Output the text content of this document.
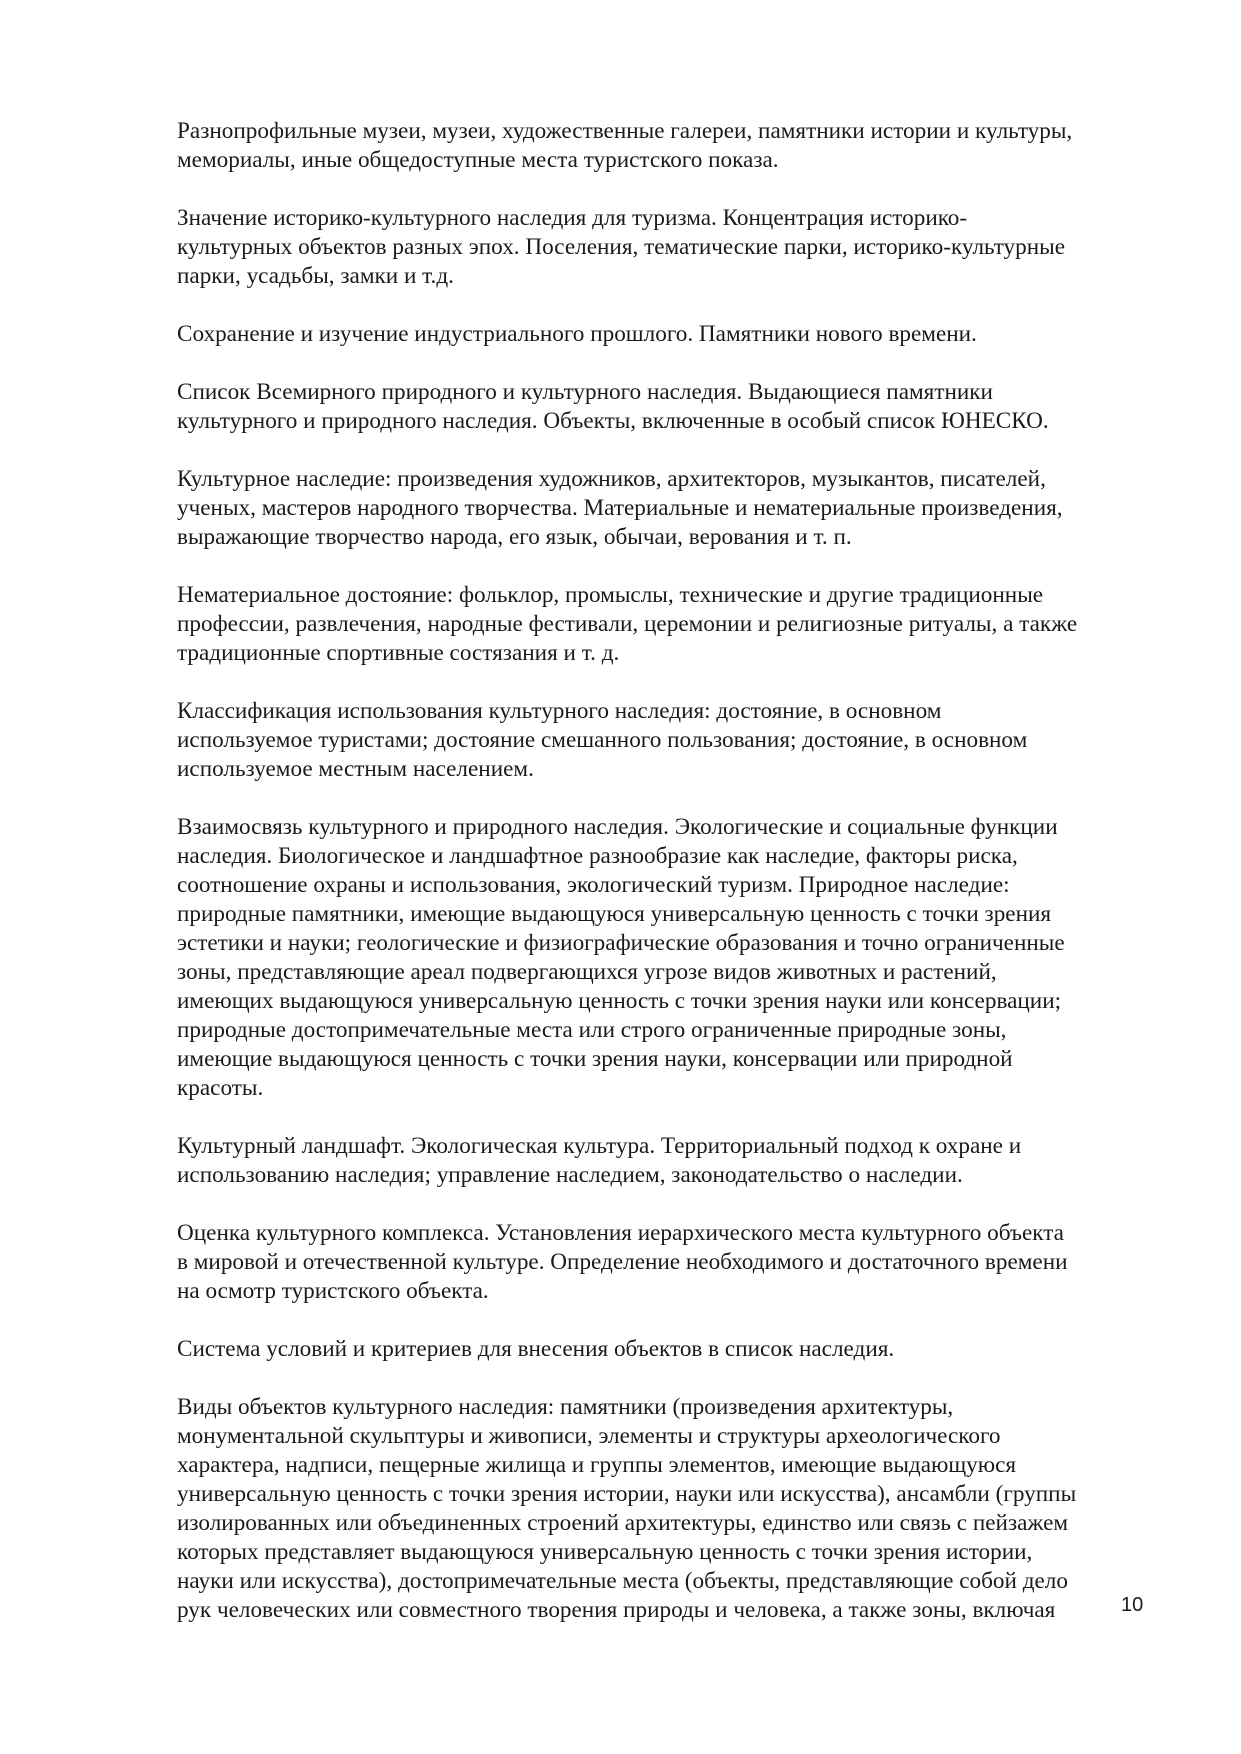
Разнопрофильные музеи, музеи, художественные галереи, памятники истории и культуры,
мемориалы, иные общедоступные места туристского показа.

Значение историко-культурного наследия для туризма. Концентрация историко-
культурных объектов разных эпох. Поселения, тематические парки, историко-культурные
парки, усадьбы, замки и т.д.

Сохранение и изучение индустриального прошлого. Памятники нового времени.

Список Всемирного природного и культурного наследия. Выдающиеся памятники
культурного и природного наследия. Объекты, включенные в особый список ЮНЕСКО.

Культурное наследие: произведения художников, архитекторов, музыкантов, писателей,
ученых, мастеров народного творчества. Материальные и нематериальные произведения,
выражающие творчество народа, его язык, обычаи, верования и т. п.

Нематериальное достояние: фольклор, промыслы, технические и другие традиционные
профессии, развлечения, народные фестивали, церемонии и религиозные ритуалы, а также
традиционные спортивные состязания и т. д.

Классификация использования культурного наследия: достояние, в основном
используемое туристами; достояние смешанного пользования; достояние, в основном
используемое местным населением.

Взаимосвязь культурного и природного наследия. Экологические и социальные функции
наследия. Биологическое и ландшафтное разнообразие как наследие, факторы риска,
соотношение охраны и использования, экологический туризм. Природное наследие:
природные памятники, имеющие выдающуюся универсальную ценность с точки зрения
эстетики и науки; геологические и физиографические образования и точно ограниченные
зоны, представляющие ареал подвергающихся угрозе видов животных и растений,
имеющих выдающуюся универсальную ценность с точки зрения науки или консервации;
природные достопримечательные места или строго ограниченные природные зоны,
имеющие выдающуюся ценность с точки зрения науки, консервации или природной
красоты.

Культурный ландшафт. Экологическая культура. Территориальный подход к охране и
использованию наследия; управление наследием, законодательство о наследии.

Оценка культурного комплекса. Установления иерархического места культурного объекта
в мировой и отечественной культуре. Определение необходимого и достаточного времени
на осмотр туристского объекта.

Система условий и критериев для внесения объектов в список наследия.

Виды объектов культурного наследия: памятники (произведения архитектуры,
монументальной скульптуры и живописи, элементы и структуры археологического
характера, надписи, пещерные жилища и группы элементов, имеющие выдающуюся
универсальную ценность с точки зрения истории, науки или искусства), ансамбли (группы
изолированных или объединенных строений архитектуры, единство или связь с пейзажем
которых представляет выдающуюся универсальную ценность с точки зрения истории,
науки или искусства), достопримечательные места (объекты, представляющие собой дело
рук человеческих или совместного творения природы и человека, а также зоны, включая	10
